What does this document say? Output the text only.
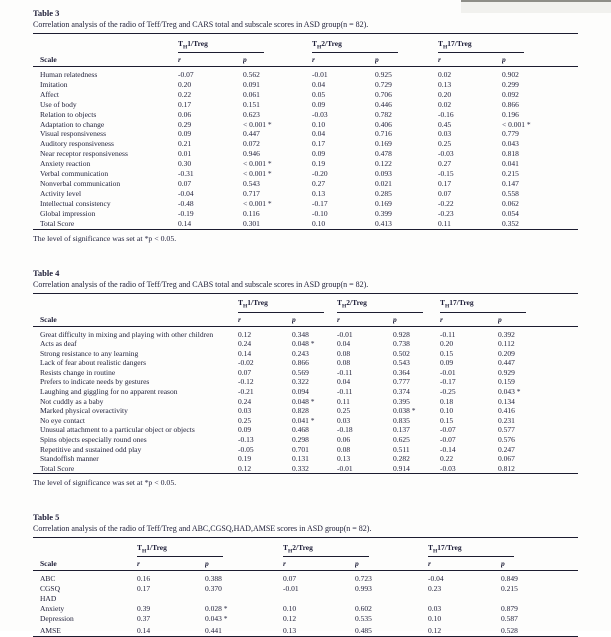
Table 3

Correlation analysis of the radio of Teff/Treg and CARS total and subscale scores in ASD group(n = 82).

	$T_H1$/Treg		$T_H2$/Treg		$T_H17$/Treg	
Scale	r	p	r	p	r	p
Human relatedness	-0.07	0.562	-0.01	0.925	0.02	0.902
Imitation	0.20	0.091	0.04	0.729	0.13	0.299
Affect	0.22	0.061	0.05	0.706	0.20	0.092
Use of body	0.17	0.151	0.09	0.446	0.02	0.866
Relation to objects	0.06	0.623	-0.03	0.782	-0.16	0.196
Adaptation to change	0.29	< 0.001 *	0.10	0.406	0.45	< 0.001 *
Visual responsiveness	0.09	0.447	0.04	0.716	0.03	0.779
Auditory responsiveness	0.21	0.072	0.17	0.169	0.25	0.043
Near receptor responsiveness	0.01	0.946	0.09	0.478	-0.03	0.818
Anxiety reaction	0.30	< 0.001 *	0.19	0.122	0.27	0.041
Verbal communication	-0.31	< 0.001 *	-0.20	0.093	-0.15	0.215
Nonverbal communication	0.07	0.543	0.27	0.021	0.17	0.147
Activity level	-0.04	0.717	0.13	0.285	0.07	0.558
Intellectual consistency	-0.48	< 0.001 *	-0.17	0.169	-0.22	0.062
Global impression	-0.19	0.116	-0.10	0.399	-0.23	0.054
Total Score	0.14	0.301	0.10	0.413	0.11	0.352

The level of significance was set at *p < 0.05.

Table 4

Correlation analysis of the radio of Teff/Treg and CABS total and subscale scores in ASD group(n = 82).

	$T_H1$/Treg		$T_H2$/Treg		$T_H17$/Treg	
Scale	r	p	r	p	r	p
Great difficulty in mixing and playing with other children	0.12	0.348	-0.01	0.928	-0.11	0.392
Acts as deaf	0.24	0.048 *	0.04	0.738	0.20	0.112
Strong resistance to any learning	0.14	0.243	0.08	0.502	0.15	0.209
Lack of fear about realistic dangers	-0.02	0.866	0.08	0.543	0.09	0.447
Resists change in routine	0.07	0.569	-0.11	0.364	-0.01	0.929
Prefers to indicate needs by gestures	-0.12	0.322	0.04	0.777	-0.17	0.159
Laughing and giggling for no apparent reason	-0.21	0.094	-0.11	0.374	-0.25	0.043 *
Not cuddly as a baby	0.24	0.048 *	0.11	0.395	0.18	0.134
Marked physical overactivity	0.03	0.828	0.25	0.038 *	0.10	0.416
No eye contact	0.25	0.041 *	0.03	0.835	0.15	0.231
Unusual attachment to a particular object or objects	0.09	0.468	-0.18	0.137	-0.07	0.577
Spins objects especially round ones	-0.13	0.298	0.06	0.625	-0.07	0.576
Repetitive and sustained odd play	-0.05	0.701	0.08	0.511	-0.14	0.247
Standoffish manner	0.19	0.131	0.13	0.282	0.22	0.067
Total Score	0.12	0.332	-0.01	0.914	-0.03	0.812

The level of significance was set at *p < 0.05.

Table 5

Correlation analysis of the radio of Teff/Treg and ABC,CGSQ,HAD,AMSE scores in ASD group(n = 82).

	$T_H1$/Treg		$T_H2$/Treg		$T_H17$/Treg	
Scale	r	p	r	p	r	p
ABC	0.16	0.388	0.07	0.723	-0.04	0.849
CGSQ	0.17	0.370	-0.01	0.993	0.23	0.215
HAD						
Anxiety	0.39	0.028 *	0.10	0.602	0.03	0.879
Depression	0.37	0.043 *	0.12	0.535	0.10	0.587
AMSE	0.14	0.441	0.13	0.485	0.12	0.528
